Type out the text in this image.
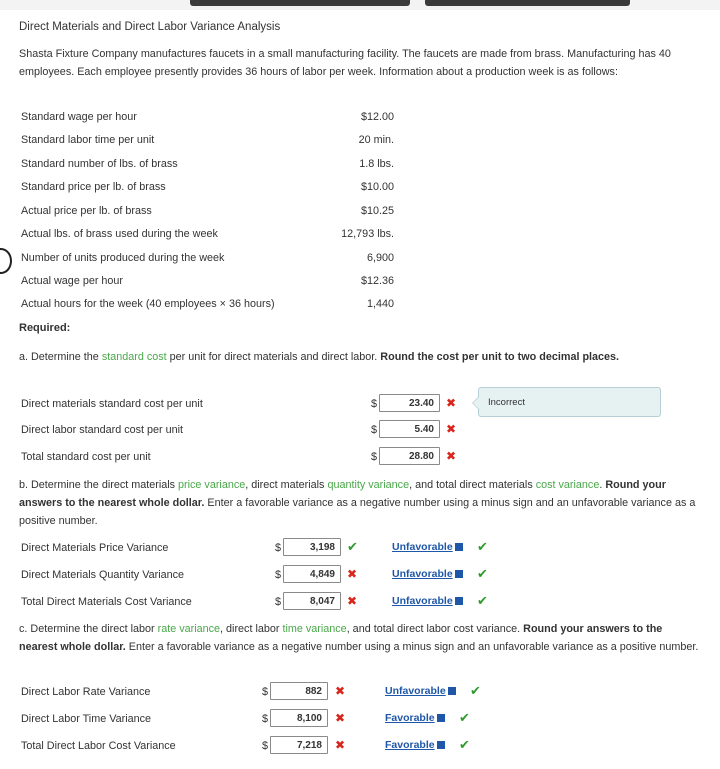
Direct Materials and Direct Labor Variance Analysis
Shasta Fixture Company manufactures faucets in a small manufacturing facility. The faucets are made from brass. Manufacturing has 40 employees. Each employee presently provides 36 hours of labor per week. Information about a production week is as follows:
Standard wage per hour	$12.00
Standard labor time per unit	20 min.
Standard number of lbs. of brass	1.8 lbs.
Standard price per lb. of brass	$10.00
Actual price per lb. of brass	$10.25
Actual lbs. of brass used during the week	12,793 lbs.
Number of units produced during the week	6,900
Actual wage per hour	$12.36
Actual hours for the week (40 employees × 36 hours)	1,440
Required:
a. Determine the standard cost per unit for direct materials and direct labor. Round the cost per unit to two decimal places.
Direct materials standard cost per unit	$	23.40	✖
Direct labor standard cost per unit	$	5.40	✖
Total standard cost per unit	$	28.80	✖
Incorrect
b. Determine the direct materials price variance, direct materials quantity variance, and total direct materials cost variance. Round your answers to the nearest whole dollar. Enter a favorable variance as a negative number using a minus sign and an unfavorable variance as a positive number.
Direct Materials Price Variance	$	3,198 ✔	Unfavorable	✔
Direct Materials Quantity Variance	$	4,849	✖	Unfavorable	✔
Total Direct Materials Cost Variance	$	8,047	✖	Unfavorable	✔
c. Determine the direct labor rate variance, direct labor time variance, and total direct labor cost variance. Round your answers to the nearest whole dollar. Enter a favorable variance as a negative number using a minus sign and an unfavorable variance as a positive number.
Direct Labor Rate Variance	$	882	✖	Unfavorable	✔
Direct Labor Time Variance	$	8,100	✖	Favorable	✔
Total Direct Labor Cost Variance	$	7,218	✖	Favorable	✔
